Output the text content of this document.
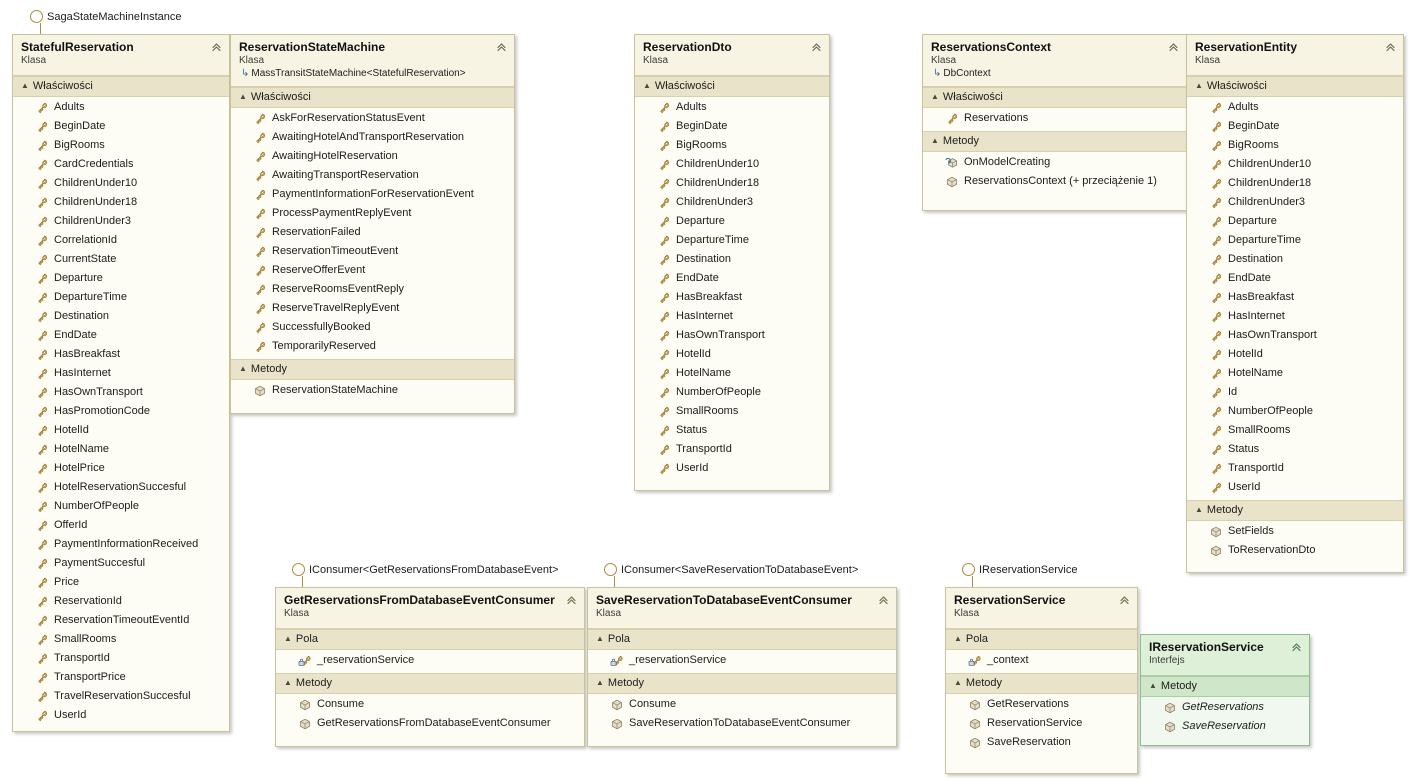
SagaStateMachineInstance
IConsumer<GetReservationsFromDatabaseEvent>	IConsumer<SaveReservationToDatabaseEvent>	IReservationService
StatefulReservation
Klasa
▲ Właściwości
Adults
BeginDate
BigRooms
CardCredentials
ChildrenUnder10
ChildrenUnder18
ChildrenUnder3
CorrelationId
CurrentState
Departure
DepartureTime
Destination
EndDate
HasBreakfast
HasInternet
HasOwnTransport
HasPromotionCode
HotelId
HotelName
HotelPrice
HotelReservationSuccesful
NumberOfPeople
OfferId
PaymentInformationReceived
PaymentSuccesful
Price
ReservationId
ReservationTimeoutEventId
SmallRooms
TransportId
TransportPrice
TravelReservationSuccesful
UserId
ReservationStateMachine
Klasa
↳ MassTransitStateMachine<StatefulReservation>
▲ Właściwości
AskForReservationStatusEvent
AwaitingHotelAndTransportReservation
AwaitingHotelReservation
AwaitingTransportReservation
PaymentInformationForReservationEvent
ProcessPaymentReplyEvent
ReservationFailed
ReservationTimeoutEvent
ReserveOfferEvent
ReserveRoomsEventReply
ReserveTravelReplyEvent
SuccessfullyBooked
TemporarilyReserved
▲ Metody
ReservationStateMachine
ReservationDto
Klasa
▲ Właściwości
Adults
BeginDate
BigRooms
ChildrenUnder10
ChildrenUnder18
ChildrenUnder3
Departure
DepartureTime
Destination
EndDate
HasBreakfast
HasInternet
HasOwnTransport
HotelId
HotelName
NumberOfPeople
SmallRooms
Status
TransportId
UserId
ReservationsContext
Klasa
↳ DbContext
▲ Właściwości
Reservations
▲ Metody
OnModelCreating
ReservationsContext (+ przeciążenie 1)
ReservationEntity
Klasa
▲ Właściwości
Adults
BeginDate
BigRooms
ChildrenUnder10
ChildrenUnder18
ChildrenUnder3
Departure
DepartureTime
Destination
EndDate
HasBreakfast
HasInternet
HasOwnTransport
HotelId
HotelName
Id
NumberOfPeople
SmallRooms
Status
TransportId
UserId
▲ Metody
SetFields
ToReservationDto
GetReservationsFromDatabaseEventConsumer
Klasa
▲ Pola
_reservationService
▲ Metody
Consume
GetReservationsFromDatabaseEventConsumer
SaveReservationToDatabaseEventConsumer
Klasa
▲ Pola
_reservationService
▲ Metody
Consume
SaveReservationToDatabaseEventConsumer
ReservationService
Klasa
▲ Pola
_context
▲ Metody
GetReservations
ReservationService
SaveReservation
IReservationService
Interfejs
▲ Metody
GetReservations
SaveReservation
